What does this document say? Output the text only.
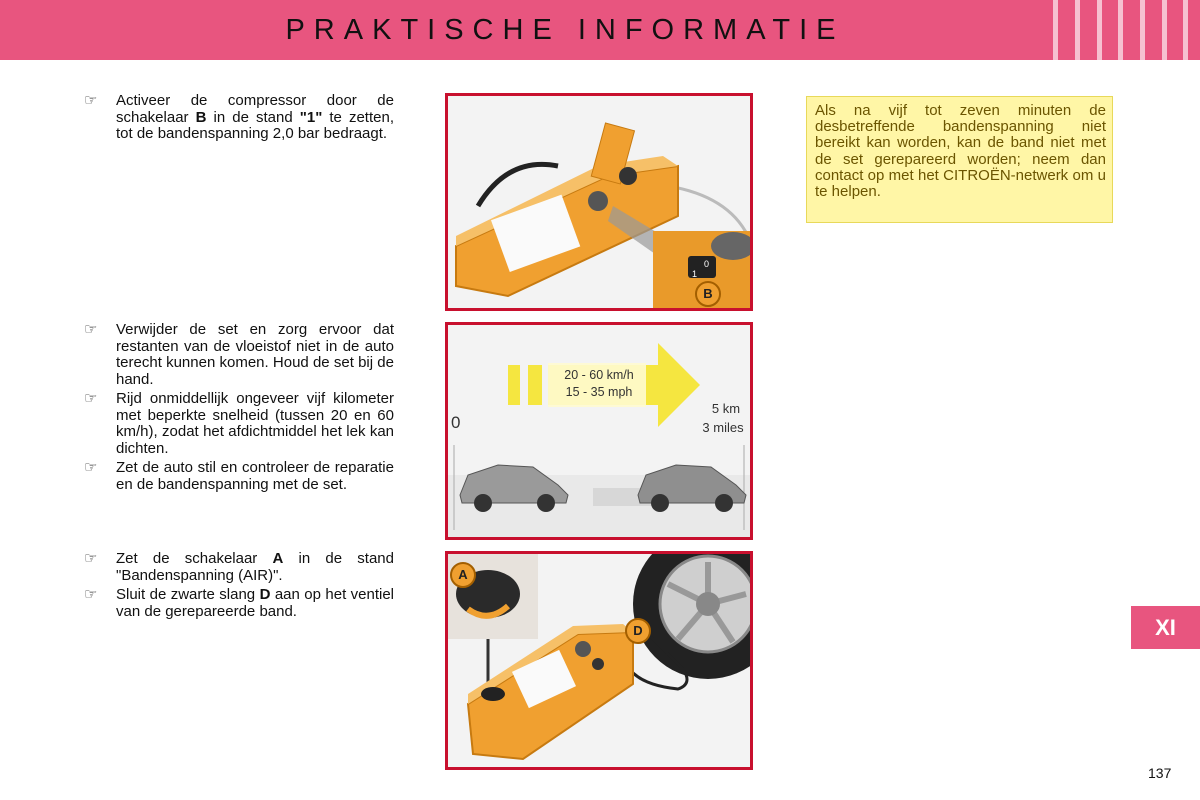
PRAKTISCHE INFORMATIE
☞ Activeer de compressor door de schakelaar B in de stand "1" te zetten, tot de bandenspanning 2,0 bar bedraagt.
☞ Verwijder de set en zorg ervoor dat restanten van de vloeistof niet in de auto terecht kunnen komen. Houd de set bij de hand.
☞ Rijd onmiddellijk ongeveer vijf kilometer met beperkte snelheid (tussen 20 en 60 km/h), zodat het afdichtmiddel het lek kan dichten.
☞ Zet de auto stil en controleer de reparatie en de bandenspanning met de set.
☞ Zet de schakelaar A in de stand "Bandenspanning (AIR)".
☞ Sluit de zwarte slang D aan op het ventiel van de gerepareerde band.
0
1
B
20 - 60 km/h
15 - 35 mph
0
5 km
3 miles
A
D
Als na vijf tot zeven minuten de desbetreffende bandenspanning niet bereikt kan worden, kan de band niet met de set gerepareerd worden; neem dan contact op met het CITROËN-netwerk om u te helpen.
XI
137
